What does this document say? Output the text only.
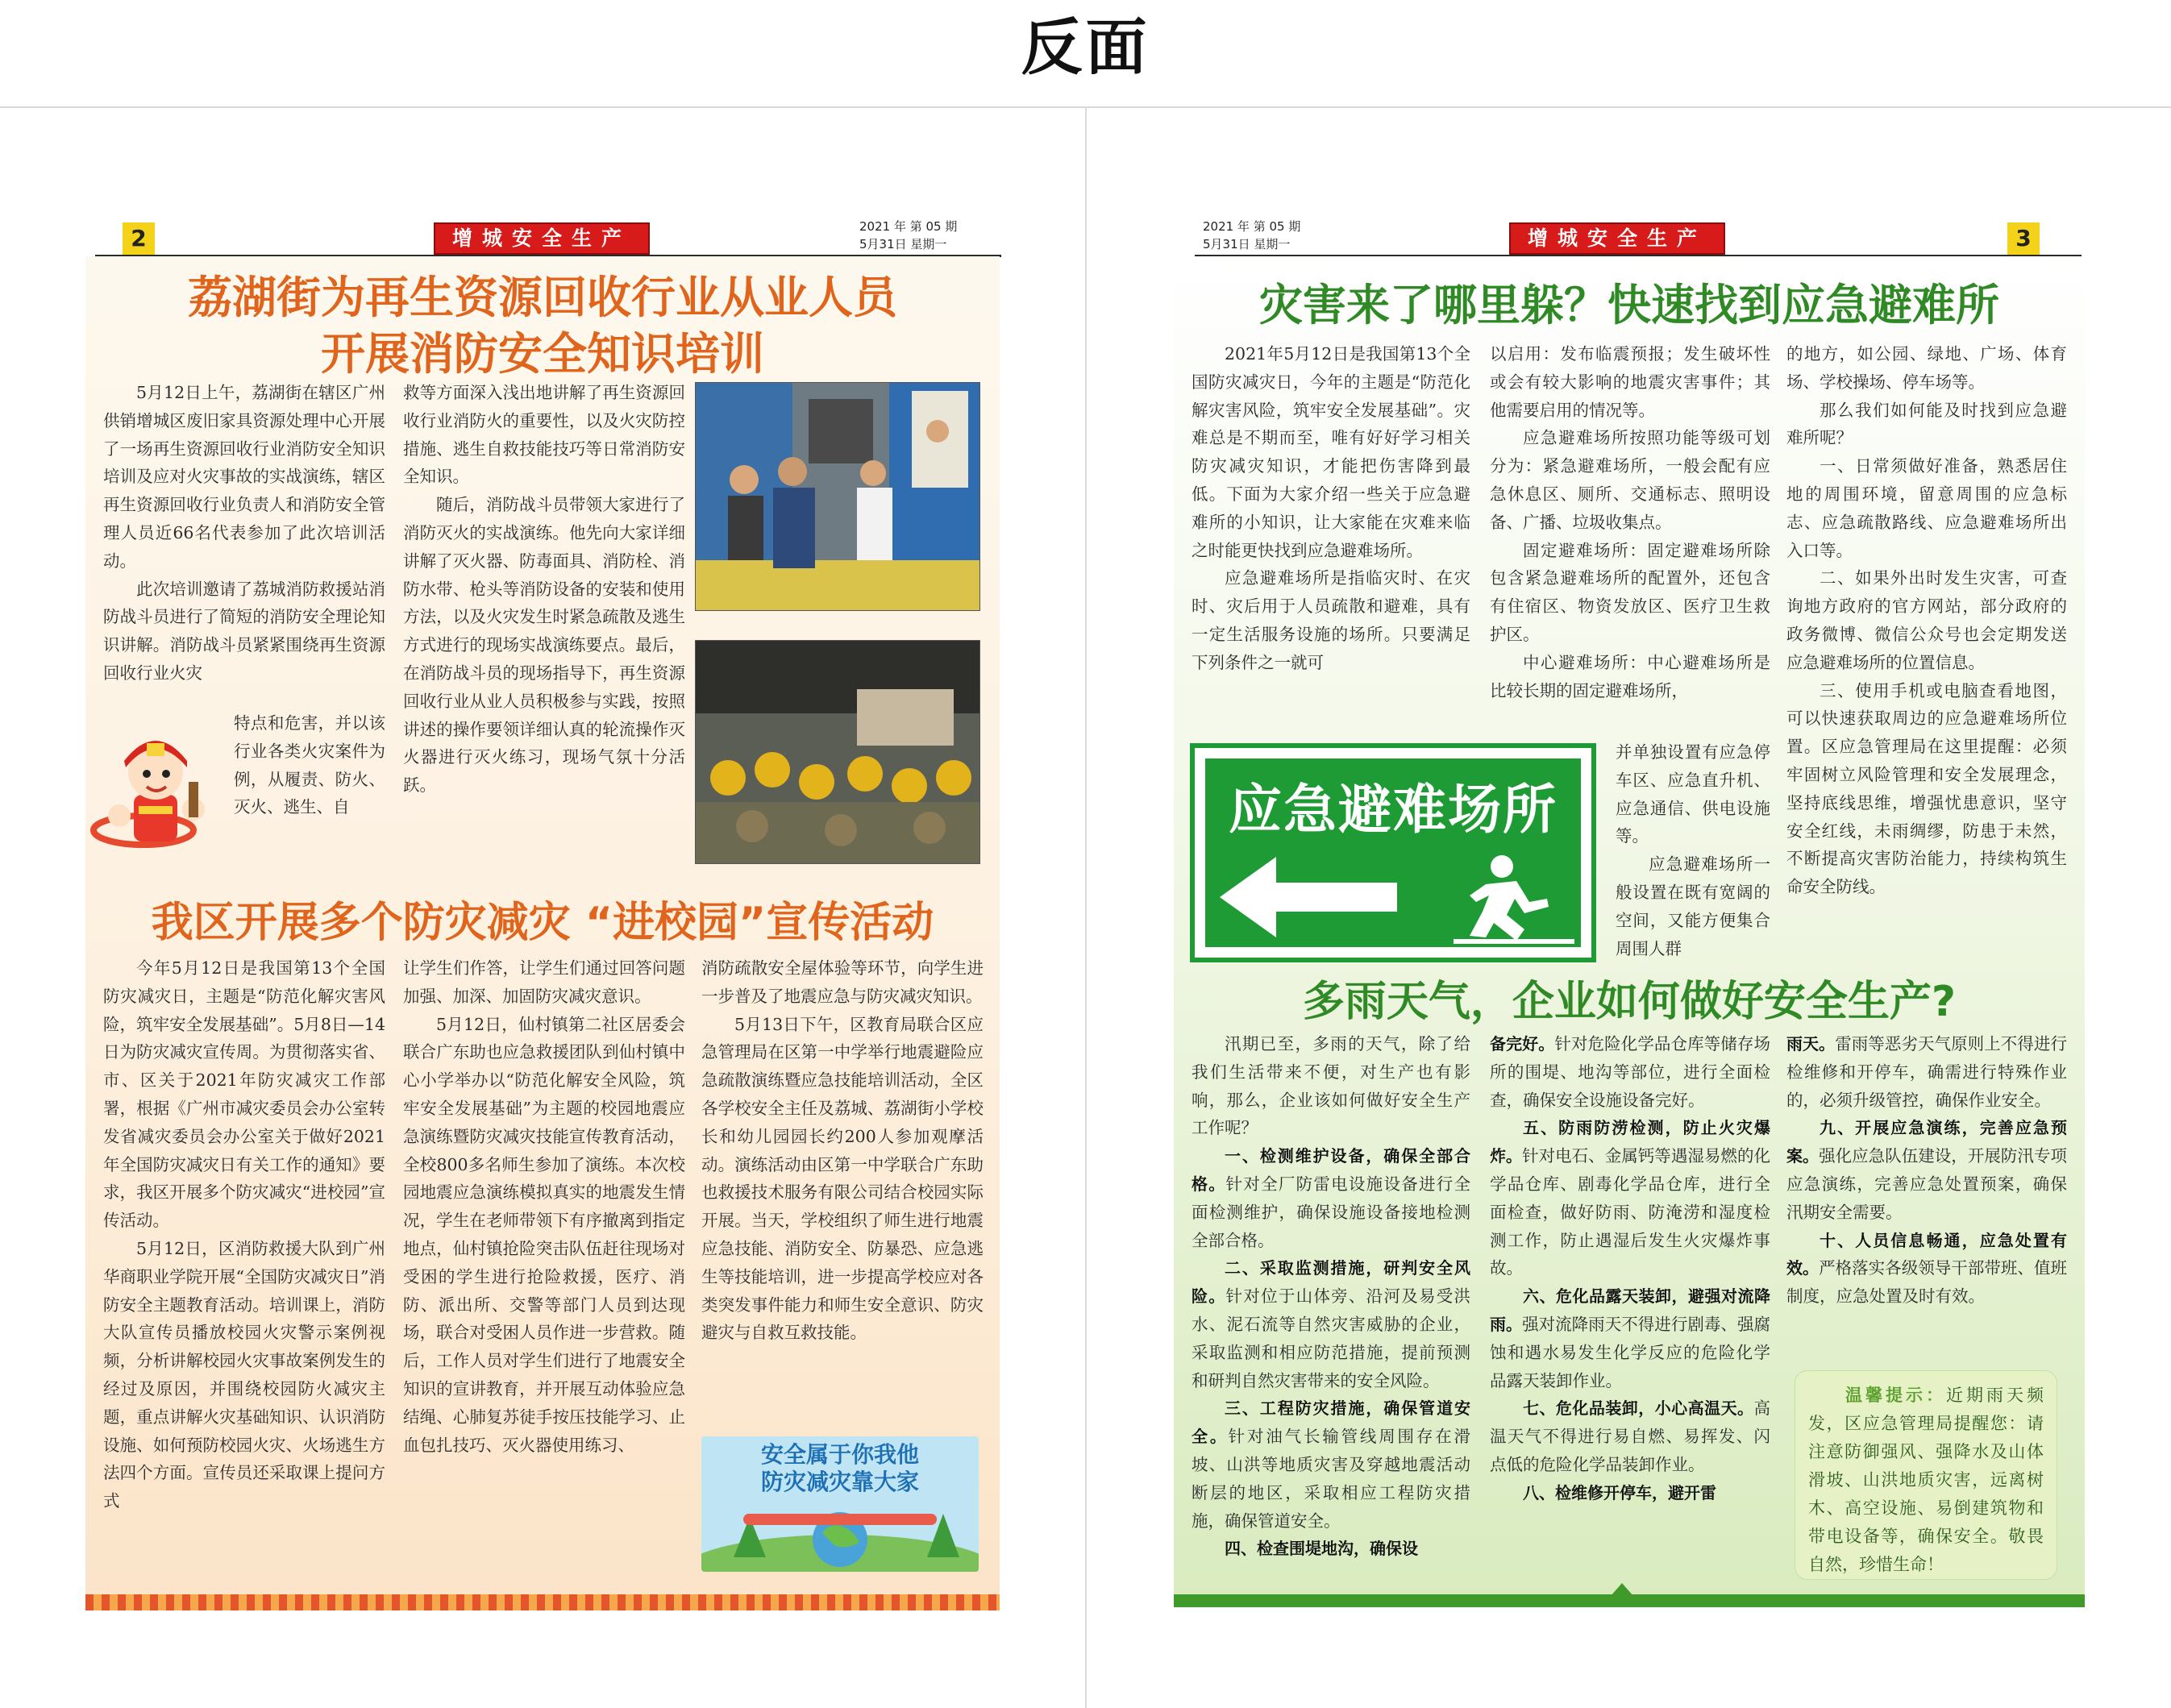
反面
2	增城安全生产	2021 年 第 05 期
5月31日 星期一
荔湖街为再生资源回收行业从业人员
开展消防安全知识培训

5月12日上午，荔湖街在辖区广州供销增城区废旧家具资源处理中心开展了一场再生资源回收行业消防安全知识培训及应对火灾事故的实战演练，辖区再生资源回收行业负责人和消防安全管理人员近66名代表参加了此次培训活动。

此次培训邀请了荔城消防救援站消防战斗员进行了简短的消防安全理论知识讲解。消防战斗员紧紧围绕再生资源回收行业火灾

特点和危害，并以该行业各类火灾案件为例，从履责、防火、灭火、逃生、自

救等方面深入浅出地讲解了再生资源回收行业消防火的重要性，以及火灾防控措施、逃生自救技能技巧等日常消防安全知识。

随后，消防战斗员带领大家进行了消防灭火的实战演练。他先向大家详细讲解了灭火器、防毒面具、消防栓、消防水带、枪头等消防设备的安装和使用方法，以及火灾发生时紧急疏散及逃生方式进行的现场实战演练要点。最后，在消防战斗员的现场指导下，再生资源回收行业从业人员积极参与实践，按照讲述的操作要领详细认真的轮流操作灭火器进行灭火练习，现场气氛十分活跃。

我区开展多个防灾减灾 “进校园”宣传活动

今年5月12日是我国第13个全国防灾减灾日，主题是“防范化解灾害风险，筑牢安全发展基础”。5月8日—14日为防灾减灾宣传周。为贯彻落实省、市、区关于2021年防灾减灾工作部署，根据《广州市减灾委员会办公室转发省减灾委员会办公室关于做好2021年全国防灾减灾日有关工作的通知》要求，我区开展多个防灾减灾“进校园”宣传活动。

5月12日，区消防救援大队到广州华商职业学院开展“全国防灾减灾日”消防安全主题教育活动。培训课上，消防大队宣传员播放校园火灾警示案例视频，分析讲解校园火灾事故案例发生的经过及原因，并围绕校园防火减灾主题，重点讲解火灾基础知识、认识消防设施、如何预防校园火灾、火场逃生方法四个方面。宣传员还采取课上提问方式

让学生们作答，让学生们通过回答问题加强、加深、加固防灾减灾意识。

5月12日，仙村镇第二社区居委会联合广东助也应急救援团队到仙村镇中心小学举办以“防范化解安全风险，筑牢安全发展基础”为主题的校园地震应急演练暨防灾减灾技能宣传教育活动，全校800多名师生参加了演练。本次校园地震应急演练模拟真实的地震发生情况，学生在老师带领下有序撤离到指定地点，仙村镇抢险突击队伍赶往现场对受困的学生进行抢险救援，医疗、消防、派出所、交警等部门人员到达现场，联合对受困人员作进一步营救。随后，工作人员对学生们进行了地震安全知识的宣讲教育，并开展互动体验应急结绳、心肺复苏徒手按压技能学习、止血包扎技巧、灭火器使用练习、

消防疏散安全屋体验等环节，向学生进一步普及了地震应急与防灾减灾知识。

5月13日下午，区教育局联合区应急管理局在区第一中学举行地震避险应急疏散演练暨应急技能培训活动，全区各学校安全主任及荔城、荔湖街小学校长和幼儿园园长约200人参加观摩活动。演练活动由区第一中学联合广东助也救援技术服务有限公司结合校园实际开展。当天，学校组织了师生进行地震应急技能、消防安全、防暴恐、应急逃生等技能培训，进一步提高学校应对各类突发事件能力和师生安全意识、防灾避灾与自救互救技能。

安全属于你我他
防灾减灾靠大家
2021 年 第 05 期
5月31日 星期一	增城安全生产	3
灾害来了哪里躲？快速找到应急避难所

2021年5月12日是我国第13个全国防灾减灾日，今年的主题是“防范化解灾害风险，筑牢安全发展基础”。灾难总是不期而至，唯有好好学习相关防灾减灾知识，才能把伤害降到最低。下面为大家介绍一些关于应急避难所的小知识，让大家能在灾难来临之时能更快找到应急避难场所。

应急避难场所是指临灾时、在灾时、灾后用于人员疏散和避难，具有一定生活服务设施的场所。只要满足下列条件之一就可

以启用：发布临震预报；发生破坏性或会有较大影响的地震灾害事件；其他需要启用的情况等。

应急避难场所按照功能等级可划分为：紧急避难场所，一般会配有应急休息区、厕所、交通标志、照明设备、广播、垃圾收集点。

固定避难场所：固定避难场所除包含紧急避难场所的配置外，还包含有住宿区、物资发放区、医疗卫生救护区。

中心避难场所：中心避难场所是比较长期的固定避难场所，

并单独设置有应急停车区、应急直升机、应急通信、供电设施等。

应急避难场所一般设置在既有宽阔的空间，又能方便集合周围人群

的地方，如公园、绿地、广场、体育场、学校操场、停车场等。

那么我们如何能及时找到应急避难所呢？

一、日常须做好准备，熟悉居住地的周围环境，留意周围的应急标志、应急疏散路线、应急避难场所出入口等。

二、如果外出时发生灾害，可查询地方政府的官方网站，部分政府的政务微博、微信公众号也会定期发送应急避难场所的位置信息。

三、使用手机或电脑查看地图，可以快速获取周边的应急避难场所位置。区应急管理局在这里提醒：必须牢固树立风险管理和安全发展理念，坚持底线思维，增强忧患意识，坚守安全红线，未雨绸缪，防患于未然，不断提高灾害防治能力，持续构筑生命安全防线。

应急避难场所
多雨天气，企业如何做好安全生产?

汛期已至，多雨的天气，除了给我们生活带来不便，对生产也有影响，那么，企业该如何做好安全生产工作呢？

一、检测维护设备，确保全部合格。针对全厂防雷电设施设备进行全面检测维护，确保设施设备接地检测全部合格。

二、采取监测措施，研判安全风险。针对位于山体旁、沿河及易受洪水、泥石流等自然灾害威胁的企业，采取监测和相应防范措施，提前预测和研判自然灾害带来的安全风险。

三、工程防灾措施，确保管道安全。针对油气长输管线周围存在滑坡、山洪等地质灾害及穿越地震活动断层的地区，采取相应工程防灾措施，确保管道安全。

四、检查围堤地沟，确保设

备完好。针对危险化学品仓库等储存场所的围堤、地沟等部位，进行全面检查，确保安全设施设备完好。

五、防雨防涝检测，防止火灾爆炸。针对电石、金属钙等遇湿易燃的化学品仓库、剧毒化学品仓库，进行全面检查，做好防雨、防淹涝和湿度检测工作，防止遇湿后发生火灾爆炸事故。

六、危化品露天装卸，避强对流降雨。强对流降雨天不得进行剧毒、强腐蚀和遇水易发生化学反应的危险化学品露天装卸作业。

七、危化品装卸，小心高温天。高温天气不得进行易自燃、易挥发、闪点低的危险化学品装卸作业。

八、检维修开停车，避开雷

雨天。雷雨等恶劣天气原则上不得进行检维修和开停车，确需进行特殊作业的，必须升级管控，确保作业安全。

九、开展应急演练，完善应急预案。强化应急队伍建设，开展防汛专项应急演练，完善应急处置预案，确保汛期安全需要。

十、人员信息畅通，应急处置有效。严格落实各级领导干部带班、值班制度，应急处置及时有效。

温馨提示：近期雨天频发，区应急管理局提醒您：请注意防御强风、强降水及山体滑坡、山洪地质灾害，远离树木、高空设施、易倒建筑物和带电设备等，确保安全。敬畏自然，珍惜生命！
